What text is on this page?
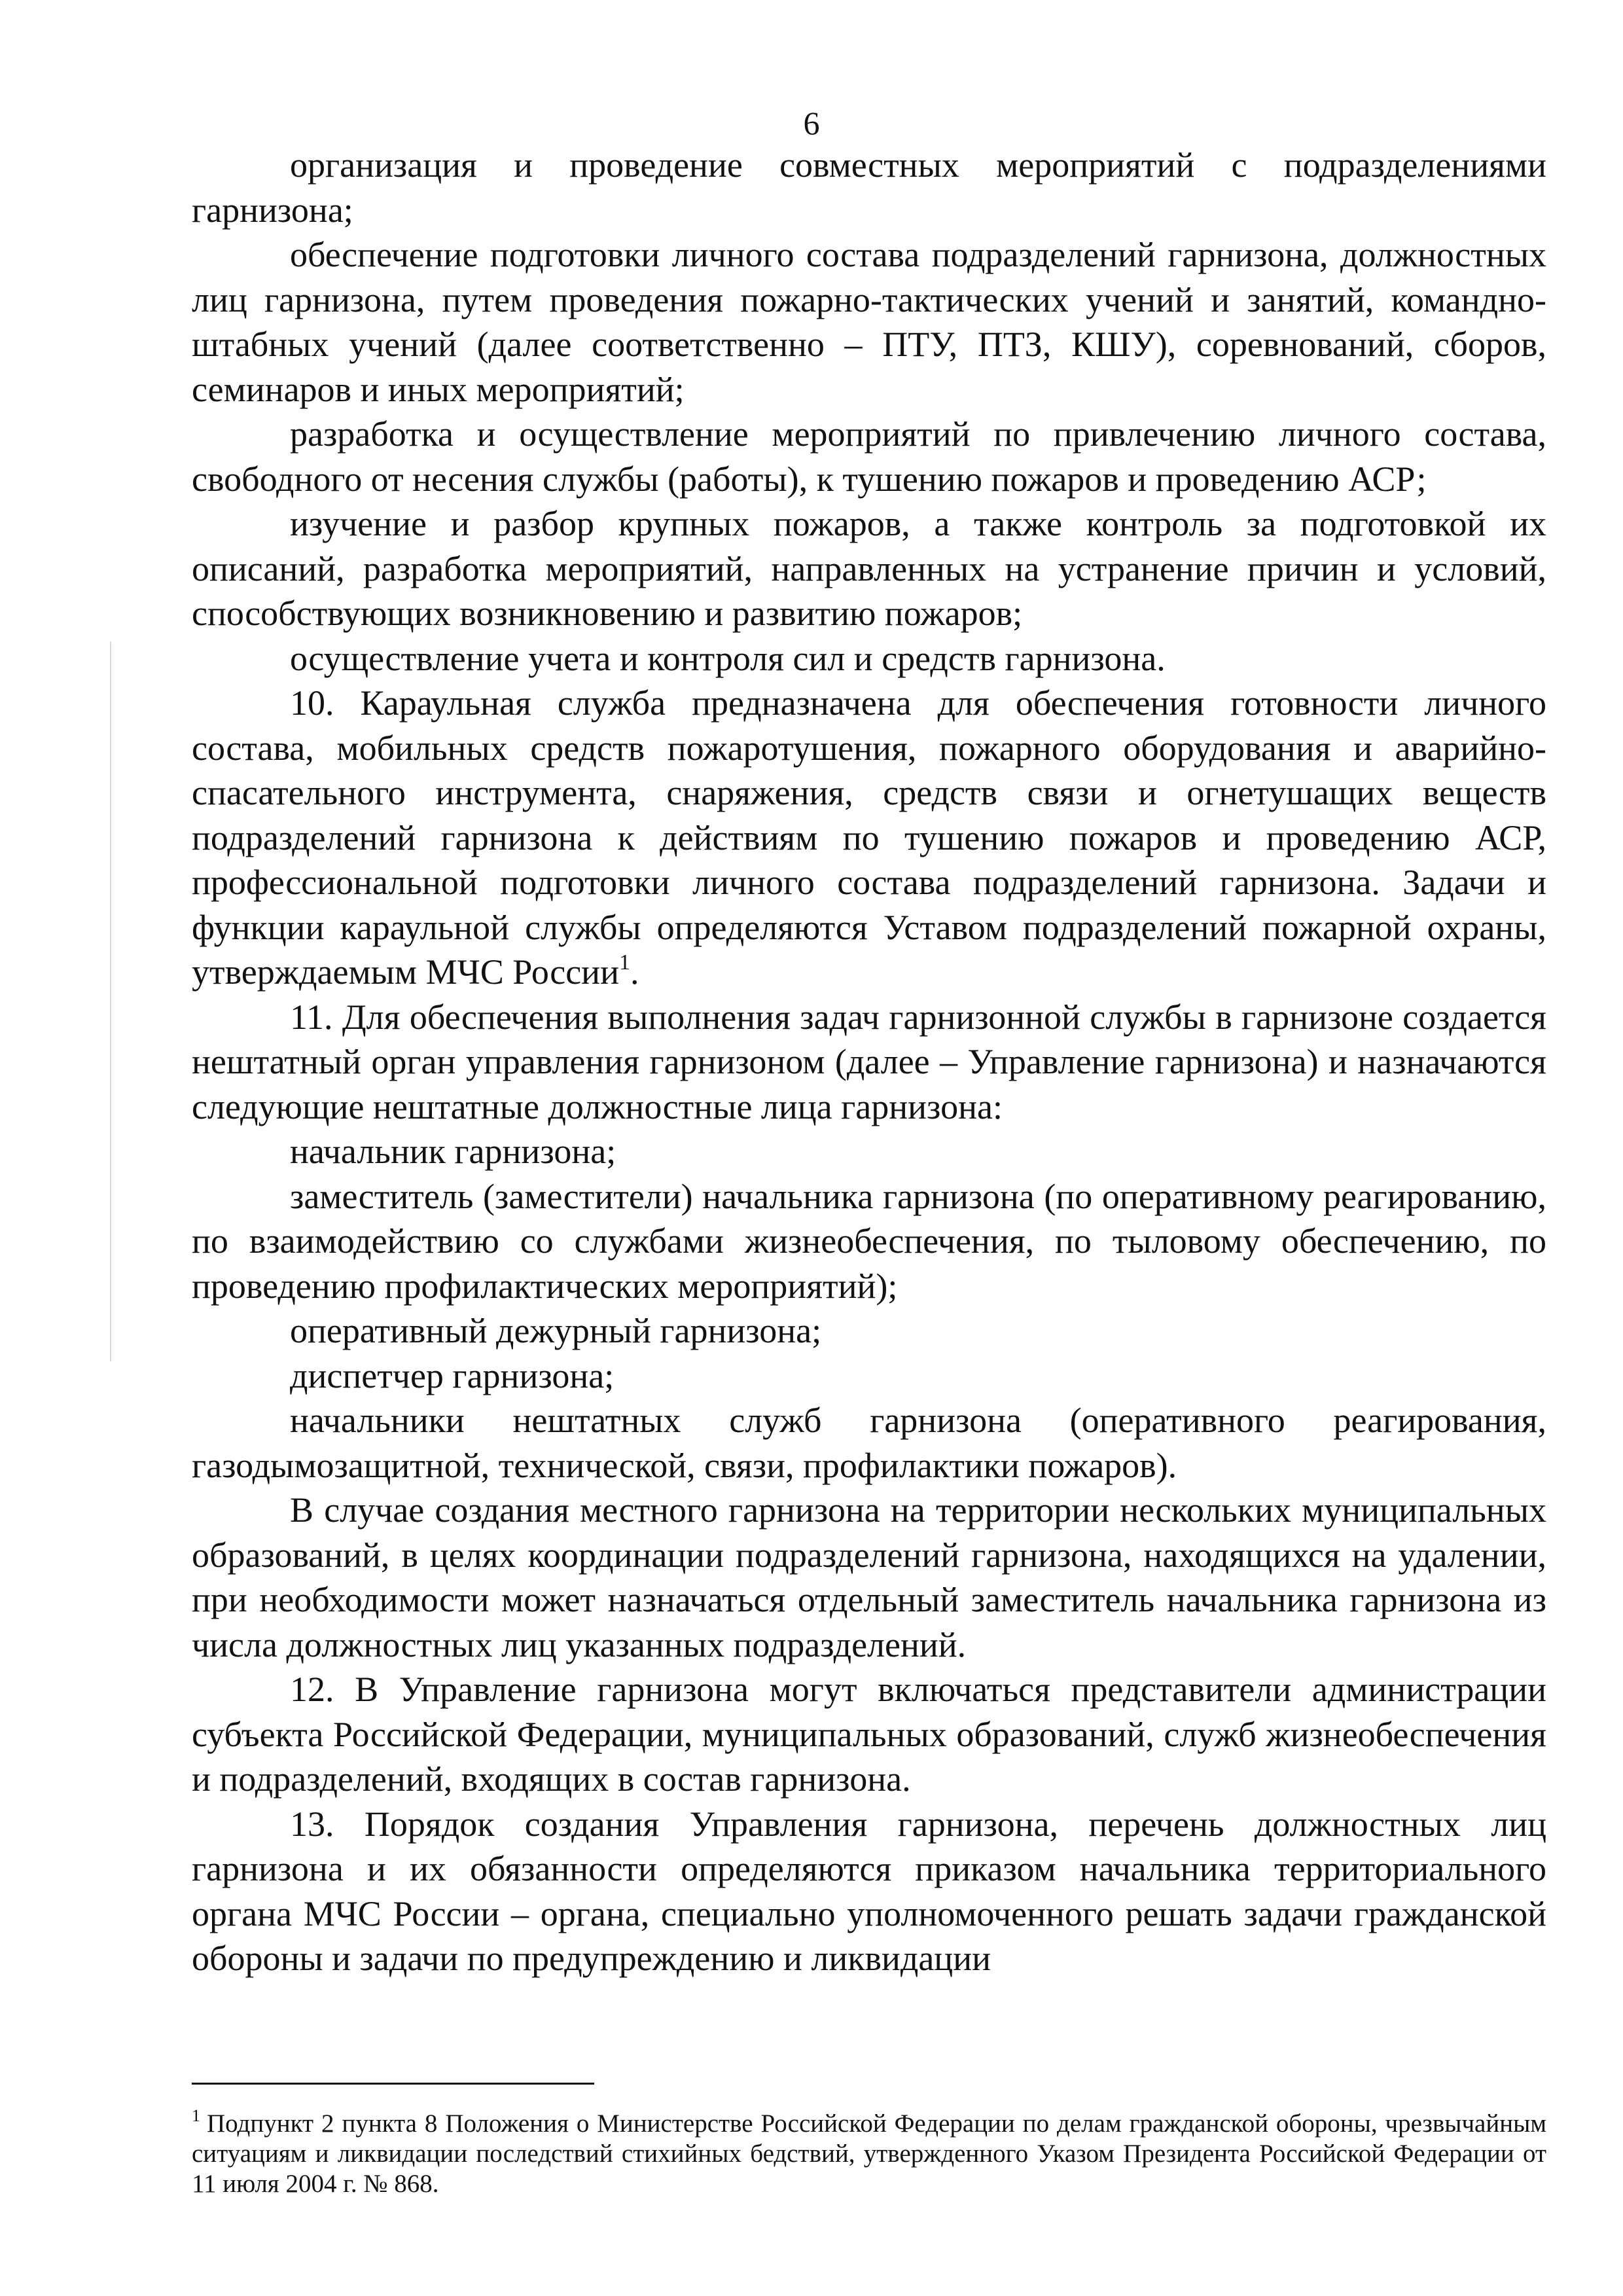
6

организация и проведение совместных мероприятий с подразделениями гарнизона;

обеспечение подготовки личного состава подразделений гарнизона, должностных лиц гарнизона, путем проведения пожарно-тактических учений и занятий, командно-штабных учений (далее соответственно – ПТУ, ПТЗ, КШУ), соревнований, сборов, семинаров и иных мероприятий;

разработка и осуществление мероприятий по привлечению личного состава, свободного от несения службы (работы), к тушению пожаров и проведению АСР;

изучение и разбор крупных пожаров, а также контроль за подготовкой их описаний, разработка мероприятий, направленных на устранение причин и условий, способствующих возникновению и развитию пожаров;

осуществление учета и контроля сил и средств гарнизона.

10. Караульная служба предназначена для обеспечения готовности личного состава, мобильных средств пожаротушения, пожарного оборудования и аварийно-спасательного инструмента, снаряжения, средств связи и огнетушащих веществ подразделений гарнизона к действиям по тушению пожаров и проведению АСР, профессиональной подготовки личного состава подразделений гарнизона. Задачи и функции караульной службы определяются Уставом подразделений пожарной охраны, утверждаемым МЧС России$^1$.

11. Для обеспечения выполнения задач гарнизонной службы в гарнизоне создается нештатный орган управления гарнизоном (далее – Управление гарнизона) и назначаются следующие нештатные должностные лица гарнизона:

начальник гарнизона;

заместитель (заместители) начальника гарнизона (по оперативному реагированию, по взаимодействию со службами жизнеобеспечения, по тыловому обеспечению, по проведению профилактических мероприятий);

оперативный дежурный гарнизона;

диспетчер гарнизона;

начальники нештатных служб гарнизона (оперативного реагирования, газодымозащитной, технической, связи, профилактики пожаров).

В случае создания местного гарнизона на территории нескольких муниципальных образований, в целях координации подразделений гарнизона, находящихся на удалении, при необходимости может назначаться отдельный заместитель начальника гарнизона из числа должностных лиц указанных подразделений.

12. В Управление гарнизона могут включаться представители администрации субъекта Российской Федерации, муниципальных образований, служб жизнеобеспечения и подразделений, входящих в состав гарнизона.

13. Порядок создания Управления гарнизона, перечень должностных лиц гарнизона и их обязанности определяются приказом начальника территориального органа МЧС России – органа, специально уполномоченного решать задачи гражданской обороны и задачи по предупреждению и ликвидации

$^1$ Подпункт 2 пункта 8 Положения о Министерстве Российской Федерации по делам гражданской обороны, чрезвычайным ситуациям и ликвидации последствий стихийных бедствий, утвержденного Указом Президента Российской Федерации от 11 июля 2004 г. № 868.
